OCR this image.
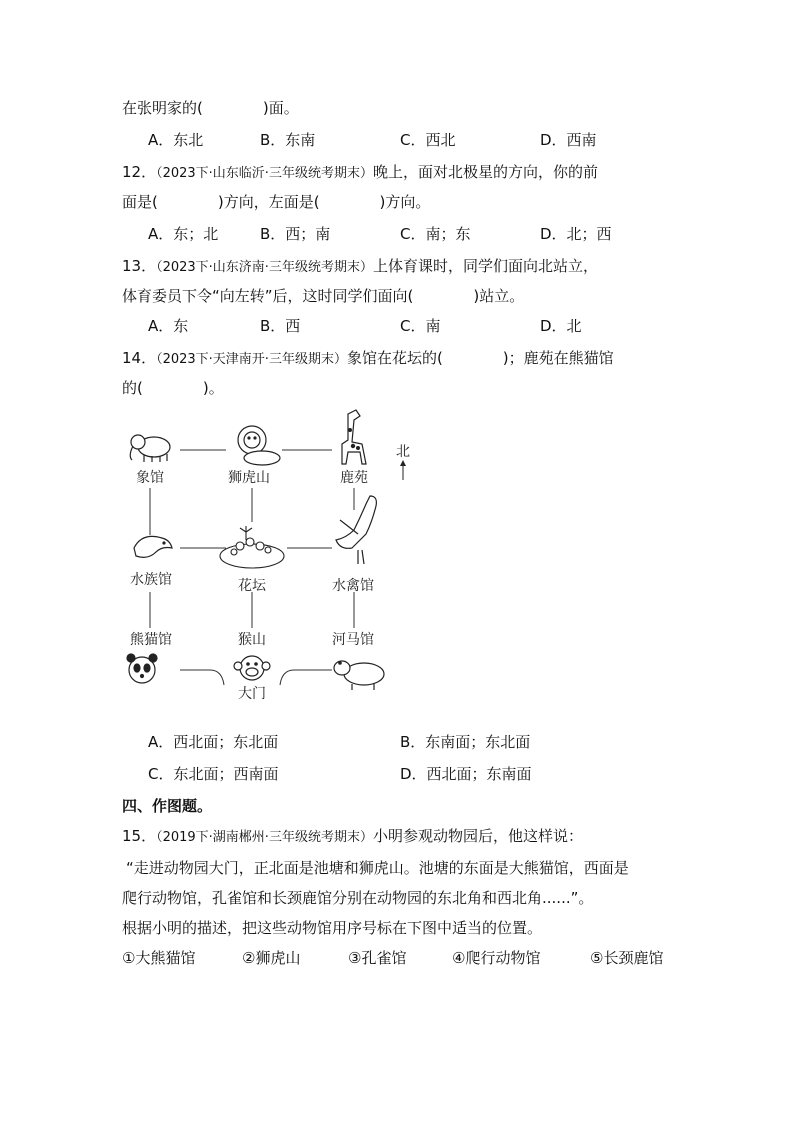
在张明家的(　　　　)面。
A．东北	B．东南	C．西北	D．西南
12．（2023下·山东临沂·三年级统考期末）晚上，面对北极星的方向，你的前
面是(　　　　)方向，左面是(　　　　)方向。
A．东；北	B．西；南	C．南；东	D．北；西
13．（2023下·山东济南·三年级统考期末）上体育课时，同学们面向北站立，
体育委员下令“向左转”后，这时同学们面向(　　　　)站立。
A．东	B．西	C．南	D．北
14．（2023下·天津南开·三年级期末）象馆在花坛的(　　　　)；鹿苑在熊猫馆
的(　　　　)。
象馆	狮虎山	鹿苑
北
水族馆	花坛	水禽馆
熊猫馆	猴山	河马馆
大门
A．西北面；东北面	B．东南面；东北面
C．东北面；西南面	D．西北面；东南面
四、作图题。
15．（2019下·湖南郴州·三年级统考期末）小明参观动物园后，他这样说：
“走进动物园大门，正北面是池塘和狮虎山。池塘的东面是大熊猫馆，西面是
爬行动物馆，孔雀馆和长颈鹿馆分别在动物园的东北角和西北角......”。
根据小明的描述，把这些动物馆用序号标在下图中适当的位置。
①大熊猫馆	②狮虎山	③孔雀馆	④爬行动物馆	⑤长颈鹿馆
